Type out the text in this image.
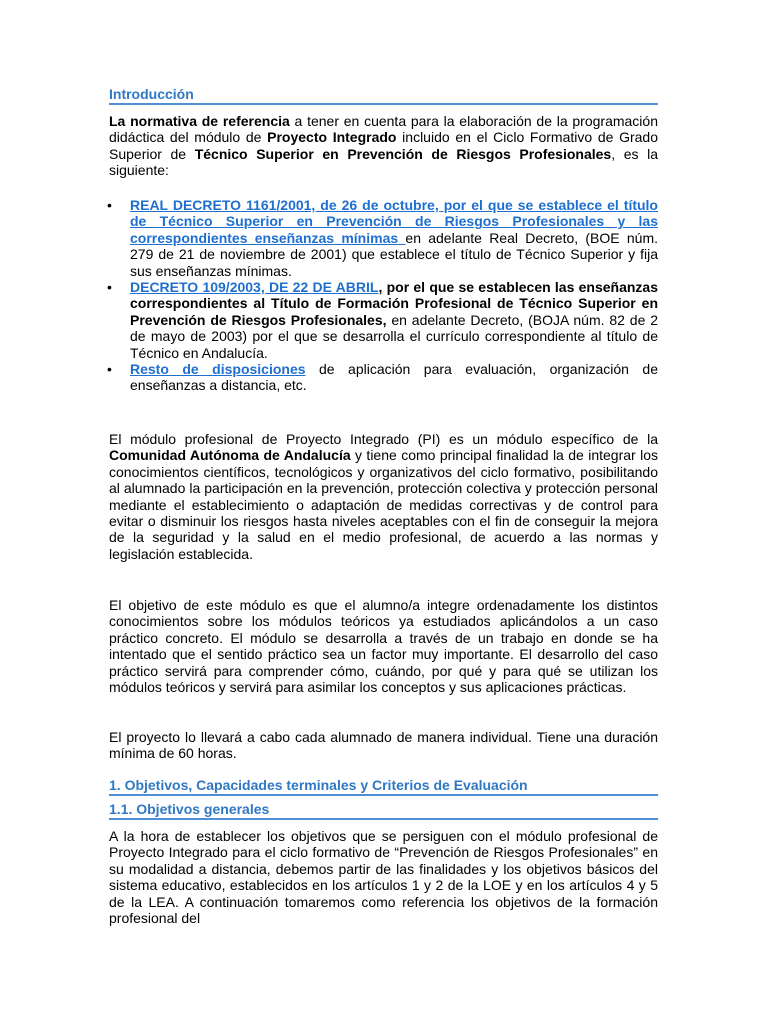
Introducción

La normativa de referencia a tener en cuenta para la elaboración de la programación didáctica del módulo de Proyecto Integrado incluido en el Ciclo Formativo de Grado Superior de Técnico Superior en Prevención de Riesgos Profesionales, es la siguiente:

• REAL DECRETO 1161/2001, de 26 de octubre, por el que se establece el título de Técnico Superior en Prevención de Riesgos Profesionales y las correspondientes enseñanzas mínimas en adelante Real Decreto, (BOE núm. 279 de 21 de noviembre de 2001) que establece el título de Técnico Superior y fija sus enseñanzas mínimas.
• DECRETO 109/2003, DE 22 DE ABRIL, por el que se establecen las enseñanzas correspondientes al Título de Formación Profesional de Técnico Superior en Prevención de Riesgos Profesionales, en adelante Decreto, (BOJA núm. 82 de 2 de mayo de 2003) por el que se desarrolla el currículo correspondiente al título de Técnico en Andalucía.
• Resto de disposiciones de aplicación para evaluación, organización de enseñanzas a distancia, etc.

El módulo profesional de Proyecto Integrado (PI) es un módulo específico de la Comunidad Autónoma de Andalucía y tiene como principal finalidad la de integrar los conocimientos científicos, tecnológicos y organizativos del ciclo formativo, posibilitando al alumnado la participación en la prevención, protección colectiva y protección personal mediante el establecimiento o adaptación de medidas correctivas y de control para evitar o disminuir los riesgos hasta niveles aceptables con el fin de conseguir la mejora de la seguridad y la salud en el medio profesional, de acuerdo a las normas y legislación establecida.

El objetivo de este módulo es que el alumno/a integre ordenadamente los distintos conocimientos sobre los módulos teóricos ya estudiados aplicándolos a un caso práctico concreto. El módulo se desarrolla a través de un trabajo en donde se ha intentado que el sentido práctico sea un factor muy importante. El desarrollo del caso práctico servirá para comprender cómo, cuándo, por qué y para qué se utilizan los módulos teóricos y servirá para asimilar los conceptos y sus aplicaciones prácticas.

El proyecto lo llevará a cabo cada alumnado de manera individual. Tiene una duración mínima de 60 horas.

1. Objetivos, Capacidades terminales y Criterios de Evaluación
1.1. Objetivos generales

A la hora de establecer los objetivos que se persiguen con el módulo profesional de Proyecto Integrado para el ciclo formativo de “Prevención de Riesgos Profesionales” en su modalidad a distancia, debemos partir de las finalidades y los objetivos básicos del sistema educativo, establecidos en los artículos 1 y 2 de la LOE y en los artículos 4 y 5 de la LEA. A continuación tomaremos como referencia los objetivos de la formación profesional del
